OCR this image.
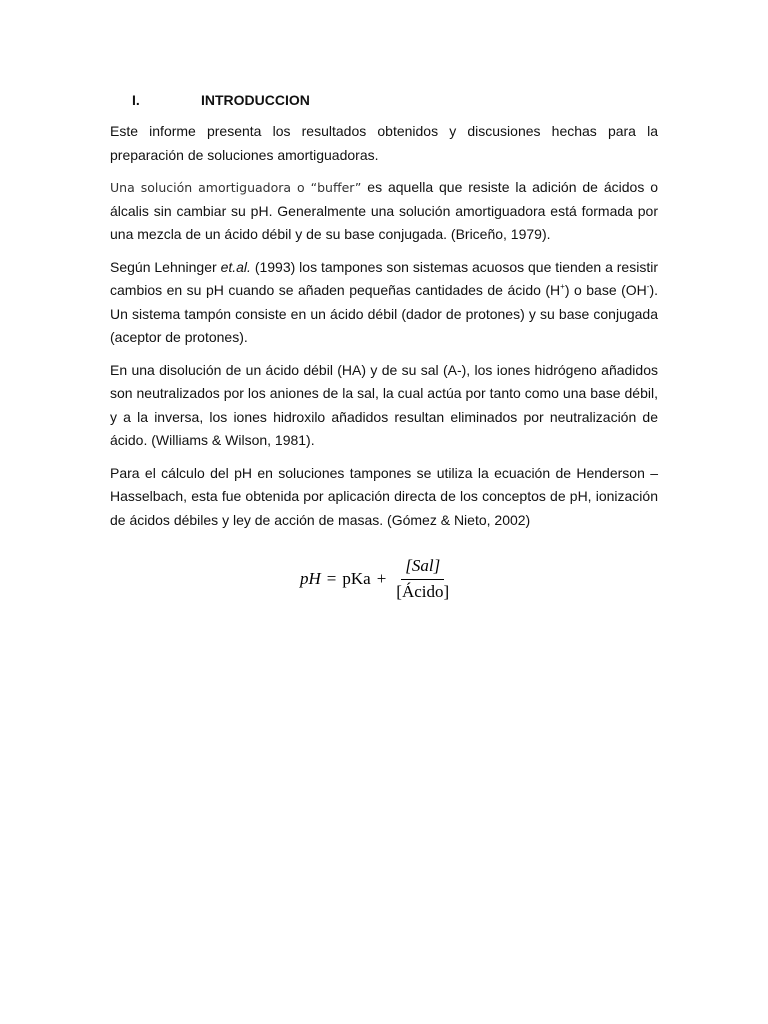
I.	INTRODUCCION

Este informe presenta los resultados obtenidos y discusiones hechas para la preparación de soluciones amortiguadoras.

Una solución amortiguadora o “buffer” es aquella que resiste la adición de ácidos o álcalis sin cambiar su pH. Generalmente una solución amortiguadora está formada por una mezcla de un ácido débil y de su base conjugada. (Briceño, 1979).

Según Lehninger et.al. (1993) los tampones son sistemas acuosos que tienden a resistir cambios en su pH cuando se añaden pequeñas cantidades de ácido (H+) o base (OH-). Un sistema tampón consiste en un ácido débil (dador de protones) y su base conjugada (aceptor de protones).

En una disolución de un ácido débil (HA) y de su sal (A-), los iones hidrógeno añadidos son neutralizados por los aniones de la sal, la cual actúa por tanto como una base débil, y a la inversa, los iones hidroxilo añadidos resultan eliminados por neutralización de ácido. (Williams & Wilson, 1981).

Para el cálculo del pH en soluciones tampones se utiliza la ecuación de Henderson – Hasselbach, esta fue obtenida por aplicación directa de los conceptos de pH, ionización de ácidos débiles y ley de acción de masas. (Gómez & Nieto, 2002)

pH = pKa + $\frac{\text{[Sal]}}{\text{[Ácido]}}$
